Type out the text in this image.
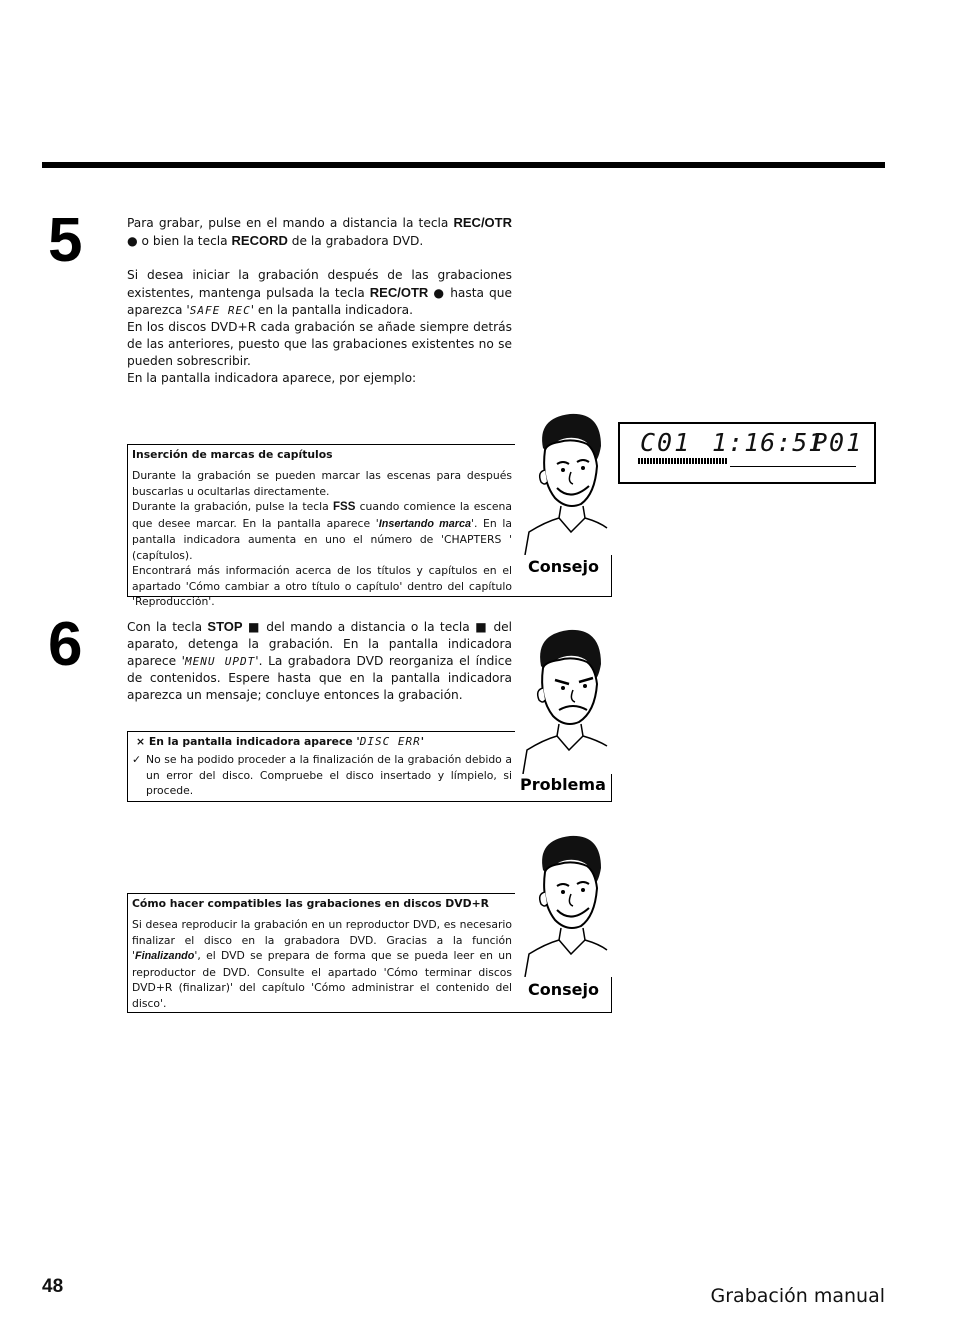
5	Para grabar, pulse en el mando a distancia la tecla REC/OTR ● o bien la tecla RECORD de la grabadora DVD.

Si desea iniciar la grabación después de las grabaciones existentes, mantenga pulsada la tecla REC/OTR ● hasta que aparezca 'SAFE REC' en la pantalla indicadora.

En los discos DVD+R cada grabación se añade siempre detrás de las anteriores, puesto que las grabaciones existentes no se pueden sobrescribir.

En la pantalla indicadora aparece, por ejemplo:

C01 1:16:51
P01

Inserción de marcas de capítulos

Durante la grabación se pueden marcar las escenas para después buscarlas u ocultarlas directamente.

Durante la grabación, pulse la tecla FSS cuando comience la escena que desee marcar. En la pantalla aparece 'Insertando marca'. En la pantalla indicadora aumenta en uno el número de 'CHAPTERS ' (capítulos).

Encontrará más información acerca de los títulos y capítulos en el apartado 'Cómo cambiar a otro título o capítulo' dentro del capítulo 'Reproducción'.

Consejo
6	Con la tecla STOP ■ del mando a distancia o la tecla ■ del aparato, detenga la grabación. En la pantalla indicadora aparece 'MENU UPDT'. La grabadora DVD reorganiza el índice de contenidos. Espere hasta que en la pantalla indicadora aparezca un mensaje; concluye entonces la grabación.

× En la pantalla indicadora aparece 'DISC ERR'

✓ No se ha podido proceder a la finalización de la grabación debido a un error del disco. Compruebe el disco insertado y límpielo, si procede.	Problema

Cómo hacer compatibles las grabaciones en discos DVD+R

Si desea reproducir la grabación en un reproductor DVD, es necesario finalizar el disco en la grabadora DVD. Gracias a la función 'Finalizando', el DVD se prepara de forma que se pueda leer en un reproductor de DVD. Consulte el apartado 'Cómo terminar discos DVD+R (finalizar)' del capítulo 'Cómo administrar el contenido del disco'.

Consejo
48	Grabación manual
